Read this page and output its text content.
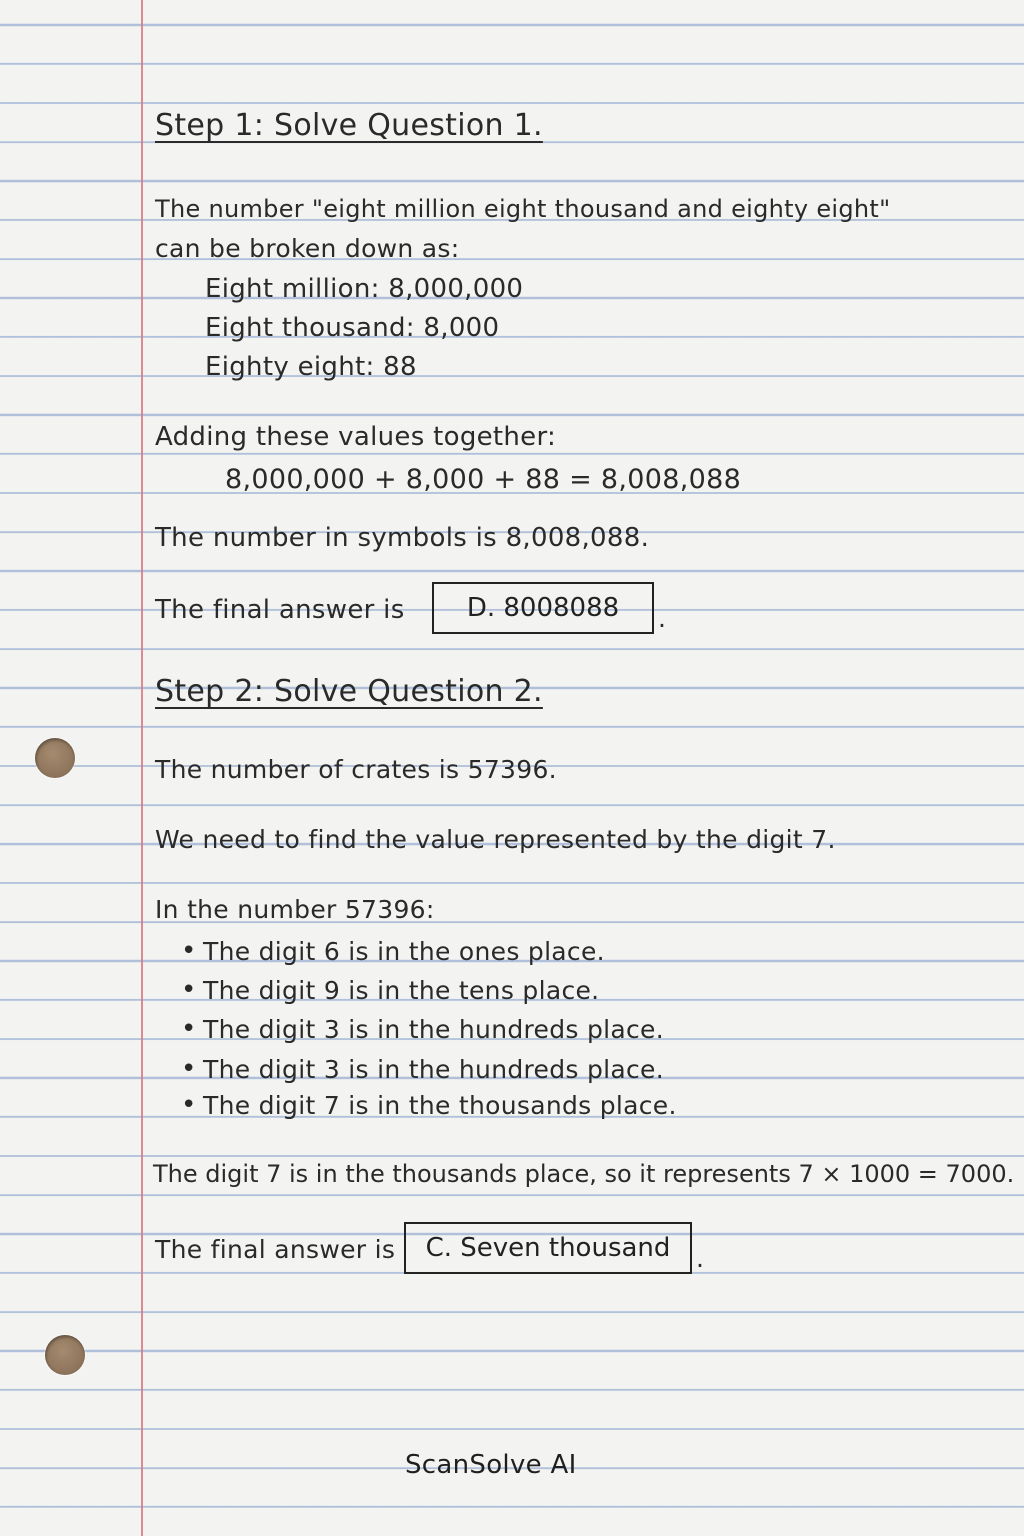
Step 1: Solve Question 1.
The number "eight million eight thousand and eighty eight"
can be broken down as:
Eight million: 8,000,000
Eight thousand: 8,000
Eighty eight: 88
Adding these values together:
8,000,000 + 8,000 + 88 = 8,008,088
The number in symbols is 8,008,088.
The final answer is	D. 8008088	.
Step 2: Solve Question 2.
The number of crates is 57396.
We need to find the value represented by the digit 7.
In the number 57396:
• The digit 6 is in the ones place.
• The digit 9 is in the tens place.
• The digit 3 is in the hundreds place.
• The digit 3 is in the hundreds place.
• The digit 7 is in the thousands place.
The digit 7 is in the thousands place, so it represents 7 × 1000 = 7000.
The final answer is	C. Seven thousand	.
ScanSolve AI
